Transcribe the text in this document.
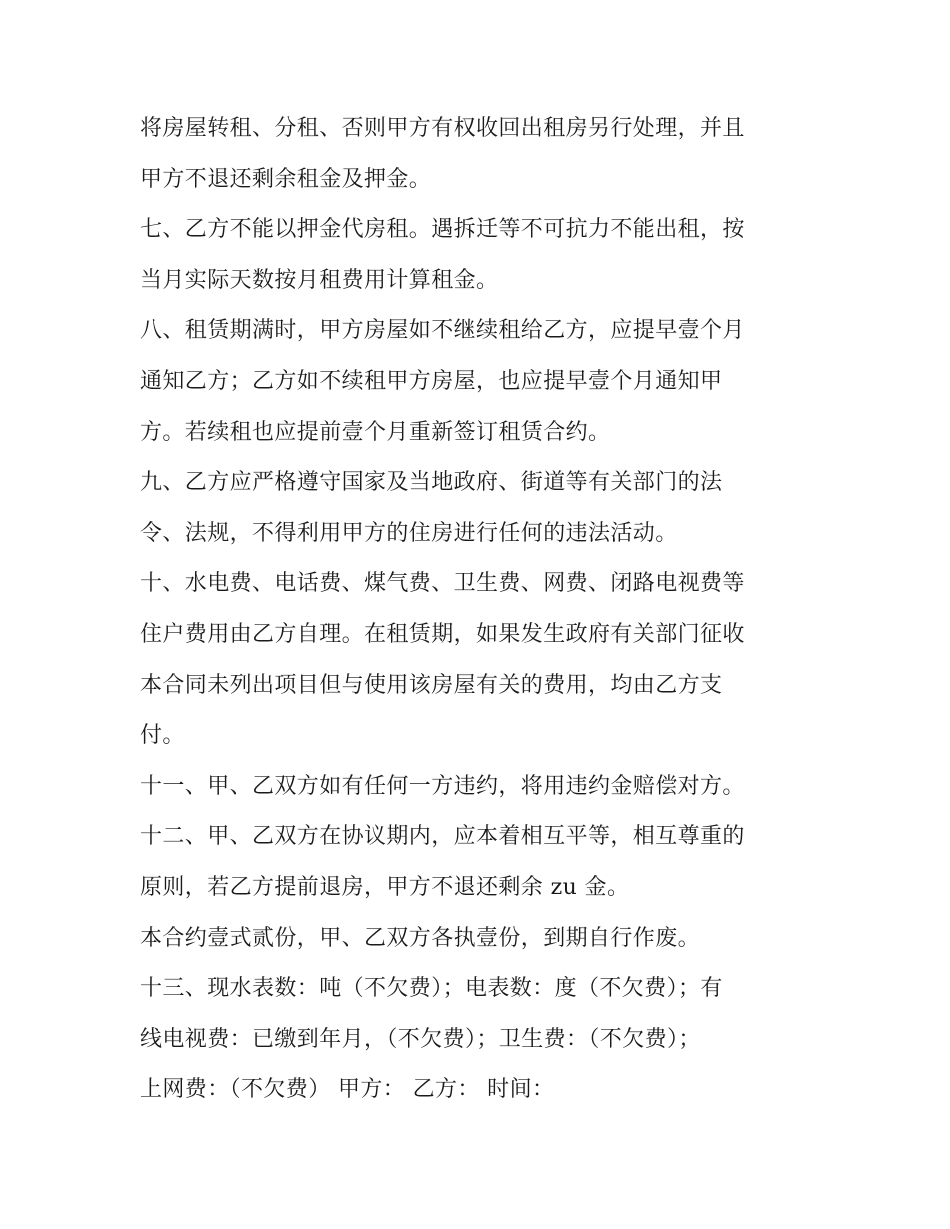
将房屋转租、分租、否则甲方有权收回出租房另行处理，并且
甲方不退还剩余租金及押金。
七、乙方不能以押金代房租。遇拆迁等不可抗力不能出租，按
当月实际天数按月租费用计算租金。
八、租赁期满时，甲方房屋如不继续租给乙方，应提早壹个月
通知乙方；乙方如不续租甲方房屋，也应提早壹个月通知甲
方。若续租也应提前壹个月重新签订租赁合约。
九、乙方应严格遵守国家及当地政府、街道等有关部门的法
令、法规，不得利用甲方的住房进行任何的违法活动。
十、水电费、电话费、煤气费、卫生费、网费、闭路电视费等
住户费用由乙方自理。在租赁期，如果发生政府有关部门征收
本合同未列出项目但与使用该房屋有关的费用，均由乙方支
付。
十一、甲、乙双方如有任何一方违约，将用违约金赔偿对方。
十二、甲、乙双方在协议期内，应本着相互平等，相互尊重的
原则，若乙方提前退房，甲方不退还剩余 zu 金。
本合约壹式贰份，甲、乙双方各执壹份，到期自行作废。
十三、现水表数：吨（不欠费）；电表数：度（不欠费）；有
线电视费：已缴到年月，（不欠费）；卫生费：（不欠费）；
上网费：（不欠费） 甲方： 乙方： 时间：
